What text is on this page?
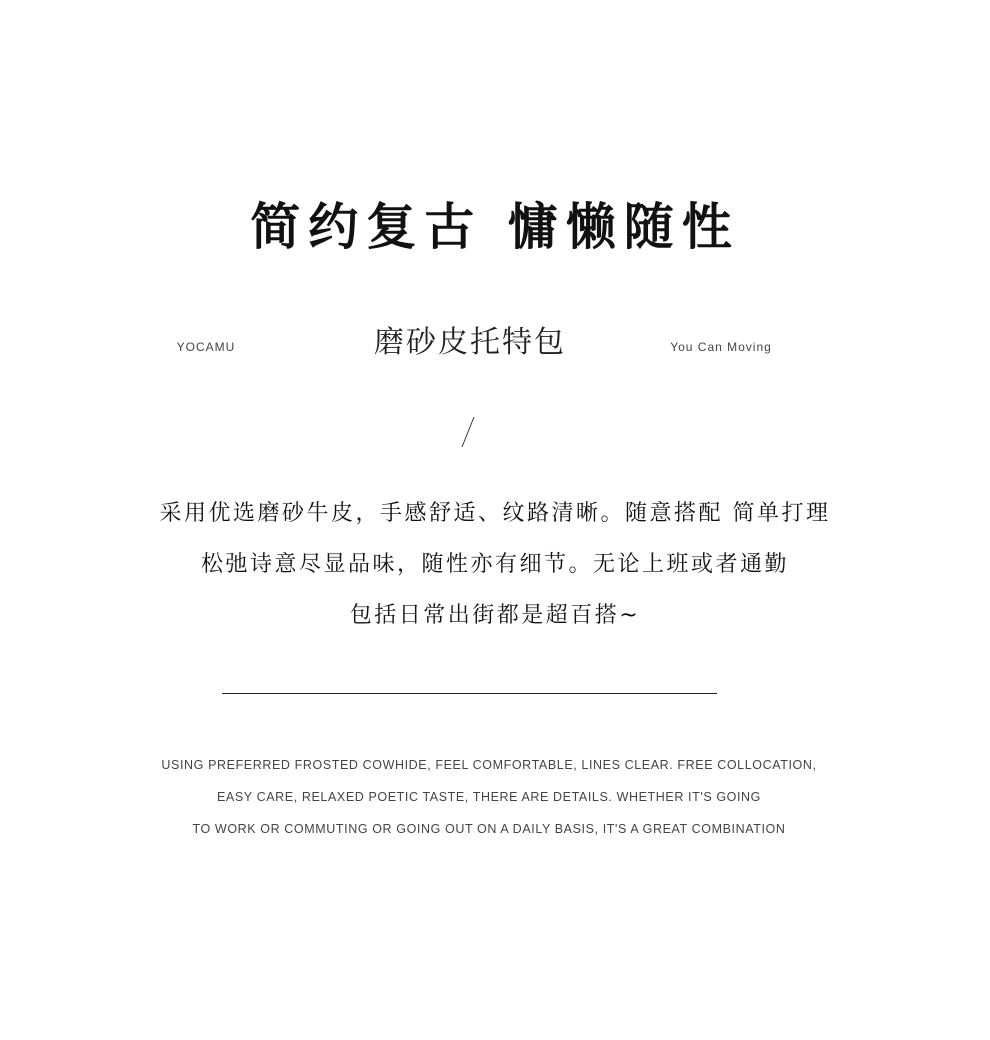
简约复古 慵懒随性
YOCAMU	磨砂皮托特包	You Can Moving
采用优选磨砂牛皮，手感舒适、纹路清晰。随意搭配 简单打理
松弛诗意尽显品味，随性亦有细节。无论上班或者通勤
包括日常出街都是超百搭~
USING PREFERRED FROSTED COWHIDE, FEEL COMFORTABLE, LINES CLEAR. FREE COLLOCATION,
EASY CARE, RELAXED POETIC TASTE, THERE ARE DETAILS. WHETHER IT'S GOING
TO WORK OR COMMUTING OR GOING OUT ON A DAILY BASIS, IT'S A GREAT COMBINATION
